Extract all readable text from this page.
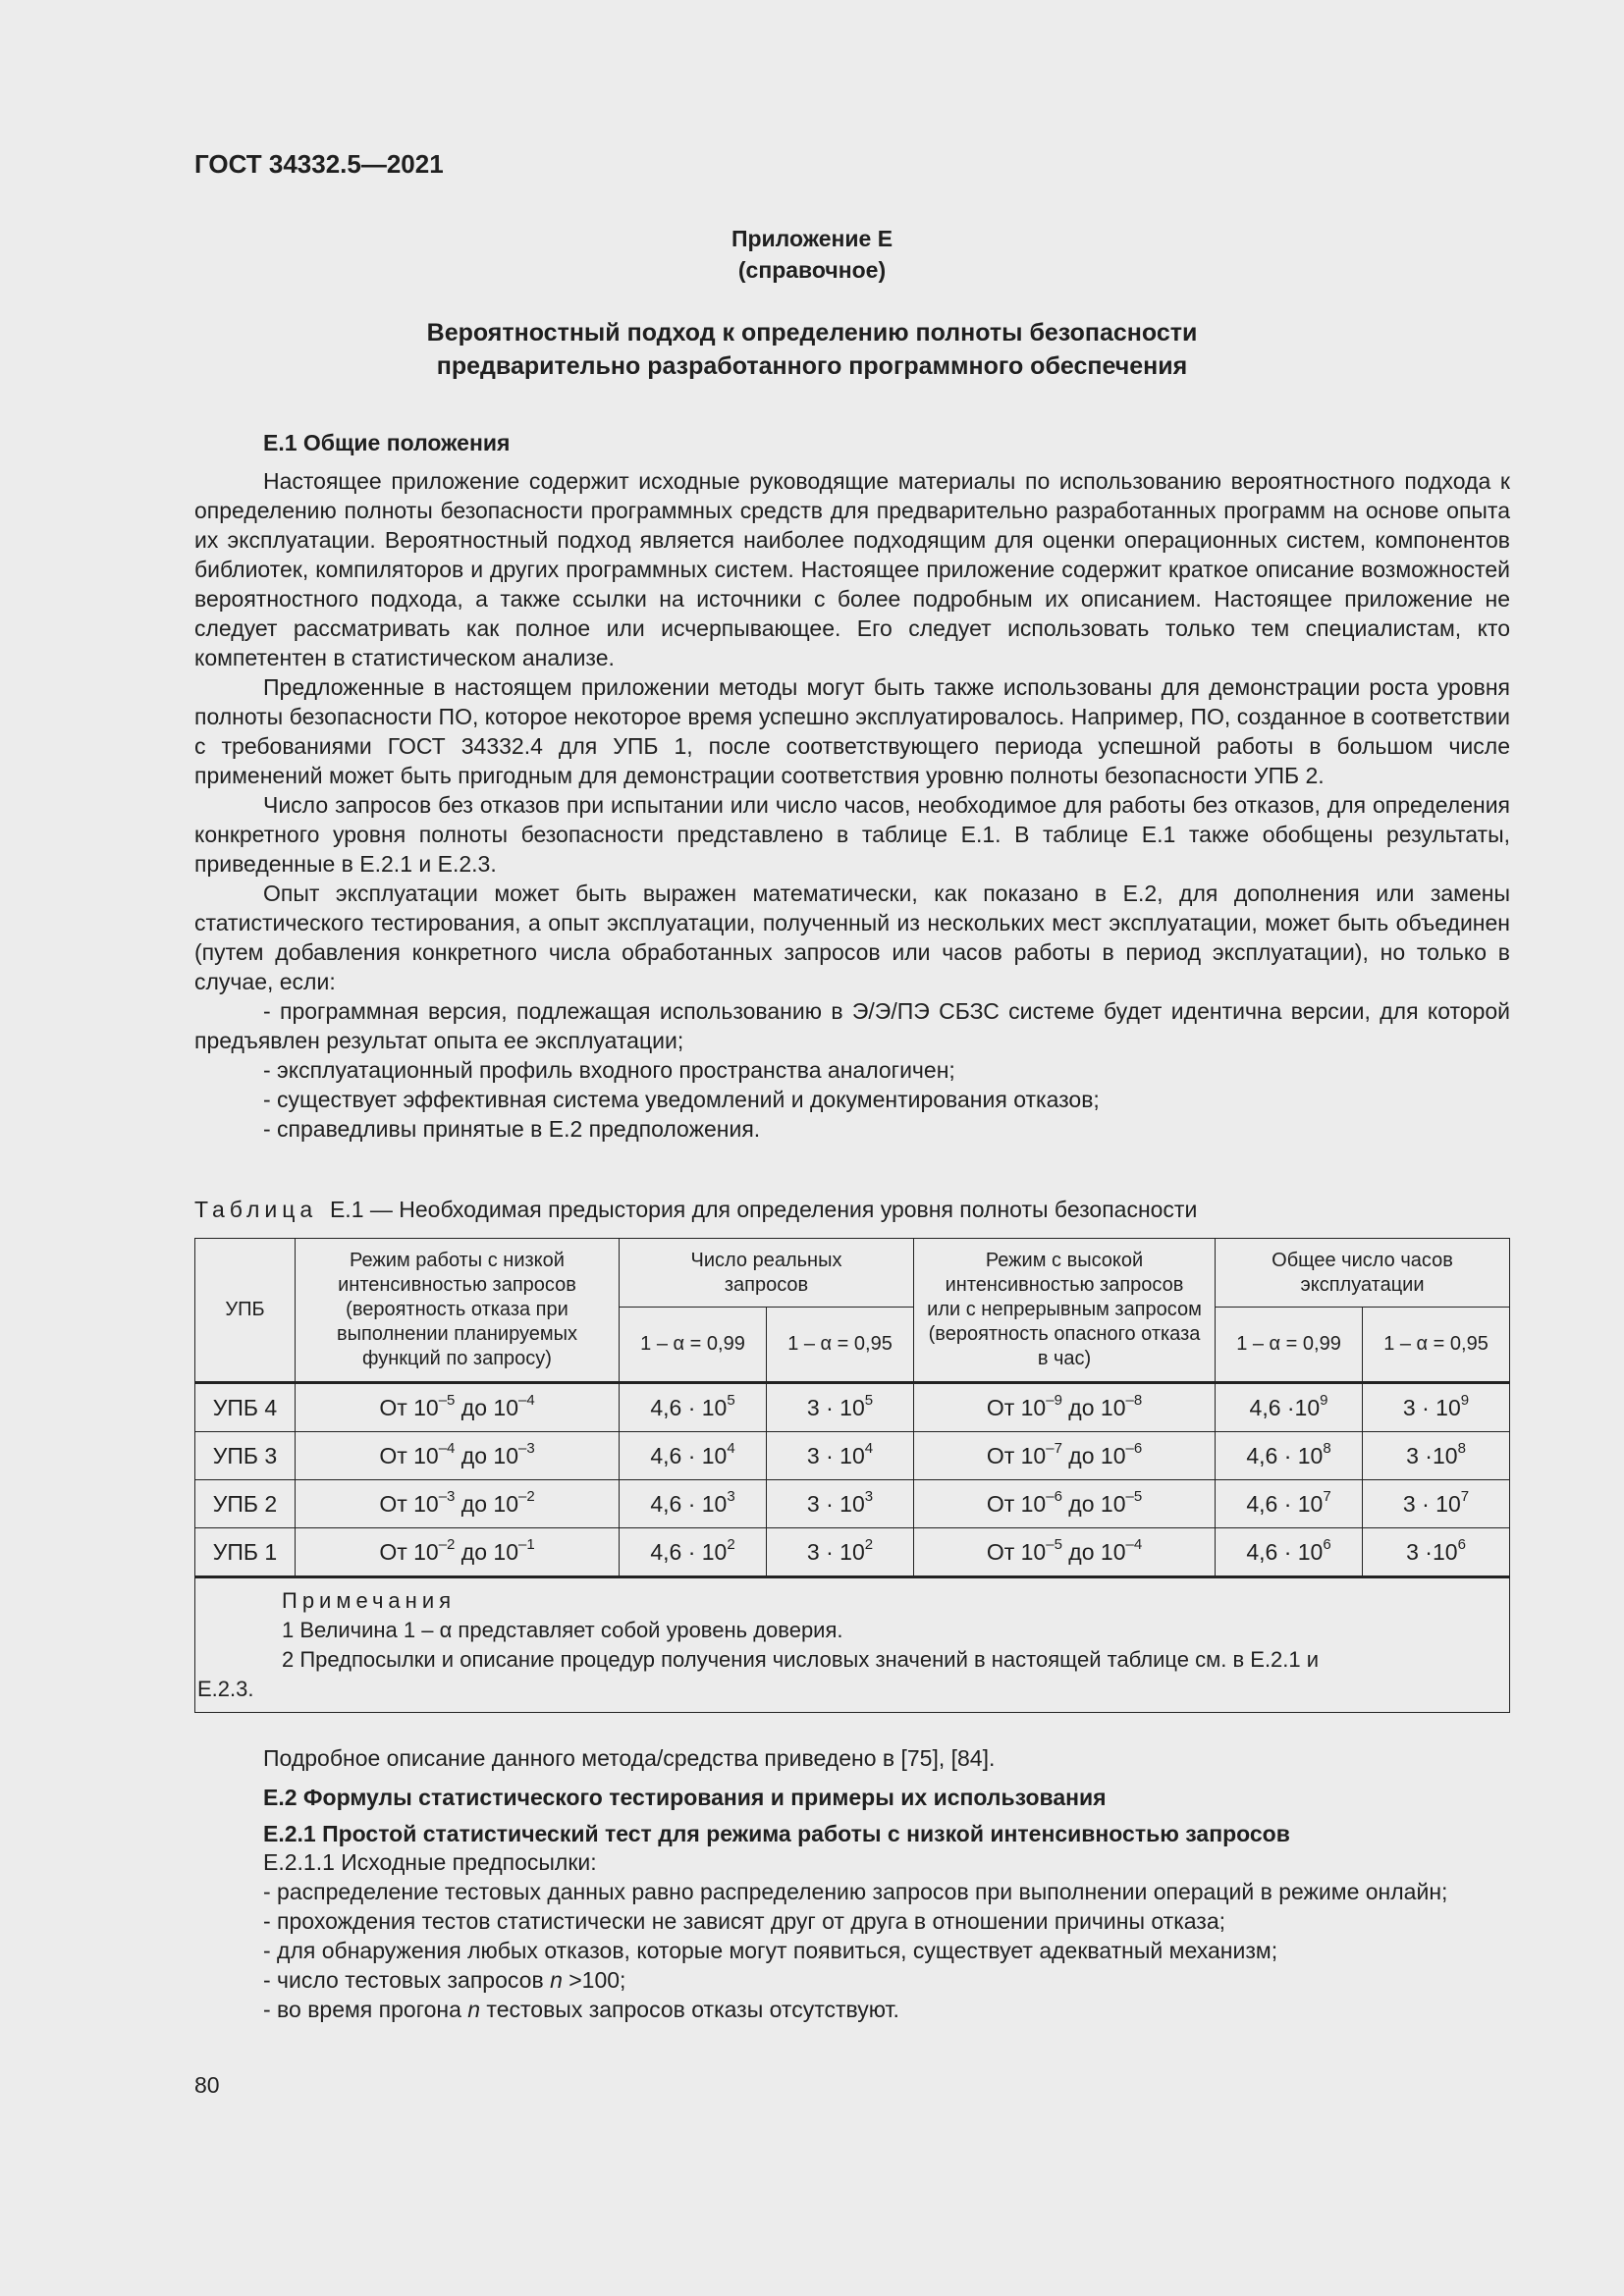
ГОСТ 34332.5—2021
Приложение Е
(справочное)
Вероятностный подход к определению полноты безопасности
предварительно разработанного программного обеспечения
Е.1 Общие положения

Настоящее приложение содержит исходные руководящие материалы по использованию вероятностного подхода к определению полноты безопасности программных средств для предварительно разработанных программ на основе опыта их эксплуатации. Вероятностный подход является наиболее подходящим для оценки операционных систем, компонентов библиотек, компиляторов и других программных систем. Настоящее приложение содержит краткое описание возможностей вероятностного подхода, а также ссылки на источники с более подробным их описанием. Настоящее приложение не следует рассматривать как полное или исчерпывающее. Его следует использовать только тем специалистам, кто компетентен в статистическом анализе.

Предложенные в настоящем приложении методы могут быть также использованы для демонстрации роста уровня полноты безопасности ПО, которое некоторое время успешно эксплуатировалось. Например, ПО, созданное в соответствии с требованиями ГОСТ 34332.4 для УПБ 1, после соответствующего периода успешной работы в большом числе применений может быть пригодным для демонстрации соответствия уровню полноты безопасности УПБ 2.

Число запросов без отказов при испытании или число часов, необходимое для работы без отказов, для определения конкретного уровня полноты безопасности представлено в таблице Е.1. В таблице Е.1 также обобщены результаты, приведенные в Е.2.1 и Е.2.3.

Опыт эксплуатации может быть выражен математически, как показано в Е.2, для дополнения или замены статистического тестирования, а опыт эксплуатации, полученный из нескольких мест эксплуатации, может быть объединен (путем добавления конкретного числа обработанных запросов или часов работы в период эксплуатации), но только в случае, если:

- программная версия, подлежащая использованию в Э/Э/ПЭ СБЗС системе будет идентична версии, для которой предъявлен результат опыта ее эксплуатации;

- эксплуатационный профиль входного пространства аналогичен;

- существует эффективная система уведомлений и документирования отказов;

- справедливы принятые в Е.2 предположения.

Таблица Е.1 — Необходимая предыстория для определения уровня полноты безопасности
УПБ	Режим работы с низкой интенсивностью запросов (вероятность отказа при выполнении планируемых функций по запросу)	Число реальных запросов		Режим с высокой интенсивностью запросов или с непрерывным запросом (вероятность опасного отказа в час)	Общее число часов эксплуатации	
		1 – α = 0,99	1 – α = 0,95		1 – α = 0,99	1 – α = 0,95
УПБ 4	От $10^{-5}$ до $10^{-4}$	$4,6 \cdot 10^5$	$3 \cdot 10^5$	От $10^{-9}$ до $10^{-8}$	$4,6 \cdot 10^9$	$3 \cdot 10^9$
УПБ 3	От $10^{-4}$ до $10^{-3}$	$4,6 \cdot 10^4$	$3 \cdot 10^4$	От $10^{-7}$ до $10^{-6}$	$4,6 \cdot 10^8$	$3 \cdot 10^8$
УПБ 2	От $10^{-3}$ до $10^{-2}$	$4,6 \cdot 10^3$	$3 \cdot 10^3$	От $10^{-6}$ до $10^{-5}$	$4,6 \cdot 10^7$	$3 \cdot 10^7$
УПБ 1	От $10^{-2}$ до $10^{-1}$	$4,6 \cdot 10^2$	$3 \cdot 10^2$	От $10^{-5}$ до $10^{-4}$	$4,6 \cdot 10^6$	$3 \cdot 10^6$

Примечания
1 Величина 1 – α представляет собой уровень доверия.
2 Предпосылки и описание процедур получения числовых значений в настоящей таблице см. в Е.2.1 и
Е.2.3.						

Подробное описание данного метода/средства приведено в [75], [84].

Е.2 Формулы статистического тестирования и примеры их использования

Е.2.1 Простой статистический тест для режима работы с низкой интенсивностью запросов

Е.2.1.1 Исходные предпосылки:

- распределение тестовых данных равно распределению запросов при выполнении операций в режиме онлайн;

- прохождения тестов статистически не зависят друг от друга в отношении причины отказа;

- для обнаружения любых отказов, которые могут появиться, существует адекватный механизм;

- число тестовых запросов n >100;

- во время прогона n тестовых запросов отказы отсутствуют.

80
